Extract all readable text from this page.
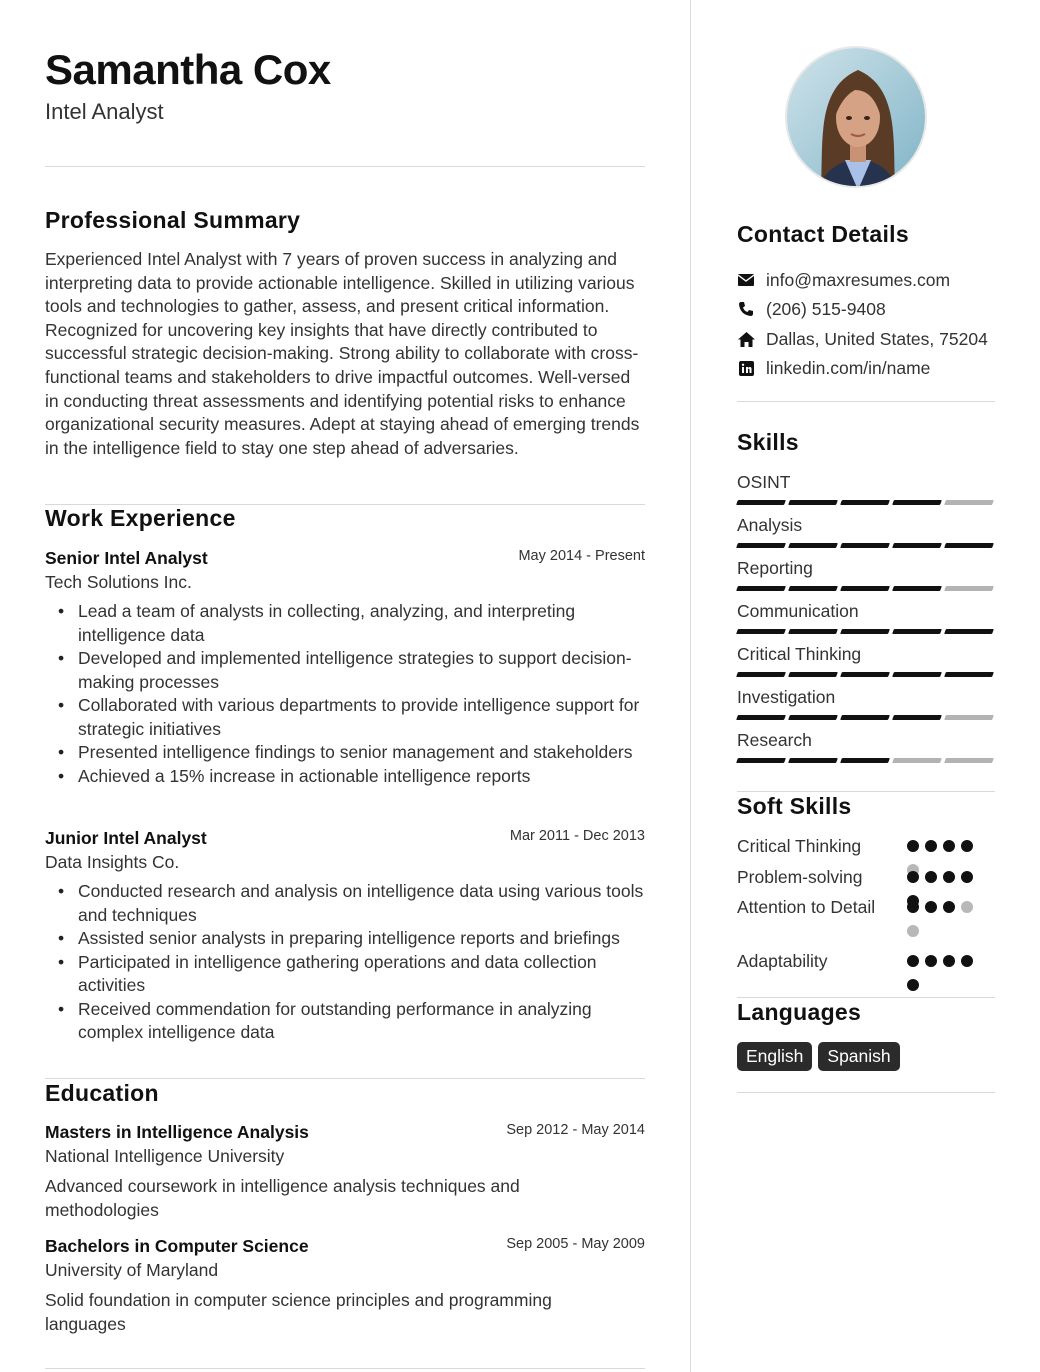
Samantha Cox
Intel Analyst
Professional Summary
Experienced Intel Analyst with 7 years of proven success in analyzing and interpreting data to provide actionable intelligence. Skilled in utilizing various tools and technologies to gather, assess, and present critical information. Recognized for uncovering key insights that have directly contributed to successful strategic decision-making. Strong ability to collaborate with cross-functional teams and stakeholders to drive impactful outcomes. Well-versed in conducting threat assessments and identifying potential risks to enhance organizational security measures. Adept at staying ahead of emerging trends in the intelligence field to stay one step ahead of adversaries.
Work Experience
Senior Intel Analyst	May 2014 - Present
Tech Solutions Inc.
• Lead a team of analysts in collecting, analyzing, and interpreting intelligence data
• Developed and implemented intelligence strategies to support decision-making processes
• Collaborated with various departments to provide intelligence support for strategic initiatives
• Presented intelligence findings to senior management and stakeholders
• Achieved a 15% increase in actionable intelligence reports
Junior Intel Analyst	Mar 2011 - Dec 2013
Data Insights Co.
• Conducted research and analysis on intelligence data using various tools and techniques
• Assisted senior analysts in preparing intelligence reports and briefings
• Participated in intelligence gathering operations and data collection activities
• Received commendation for outstanding performance in analyzing complex intelligence data
Education
Masters in Intelligence Analysis	Sep 2012 - May 2014
National Intelligence University
Advanced coursework in intelligence analysis techniques and methodologies
Bachelors in Computer Science	Sep 2005 - May 2009
University of Maryland
Solid foundation in computer science principles and programming languages
Contact Details
info@maxresumes.com
(206) 515-9408
Dallas, United States, 75204
linkedin.com/in/name
Skills
OSINT
Analysis
Reporting
Communication
Critical Thinking
Investigation
Research
Soft Skills
Critical Thinking
Problem-solving
Attention to Detail
Adaptability
Languages
English	Spanish
